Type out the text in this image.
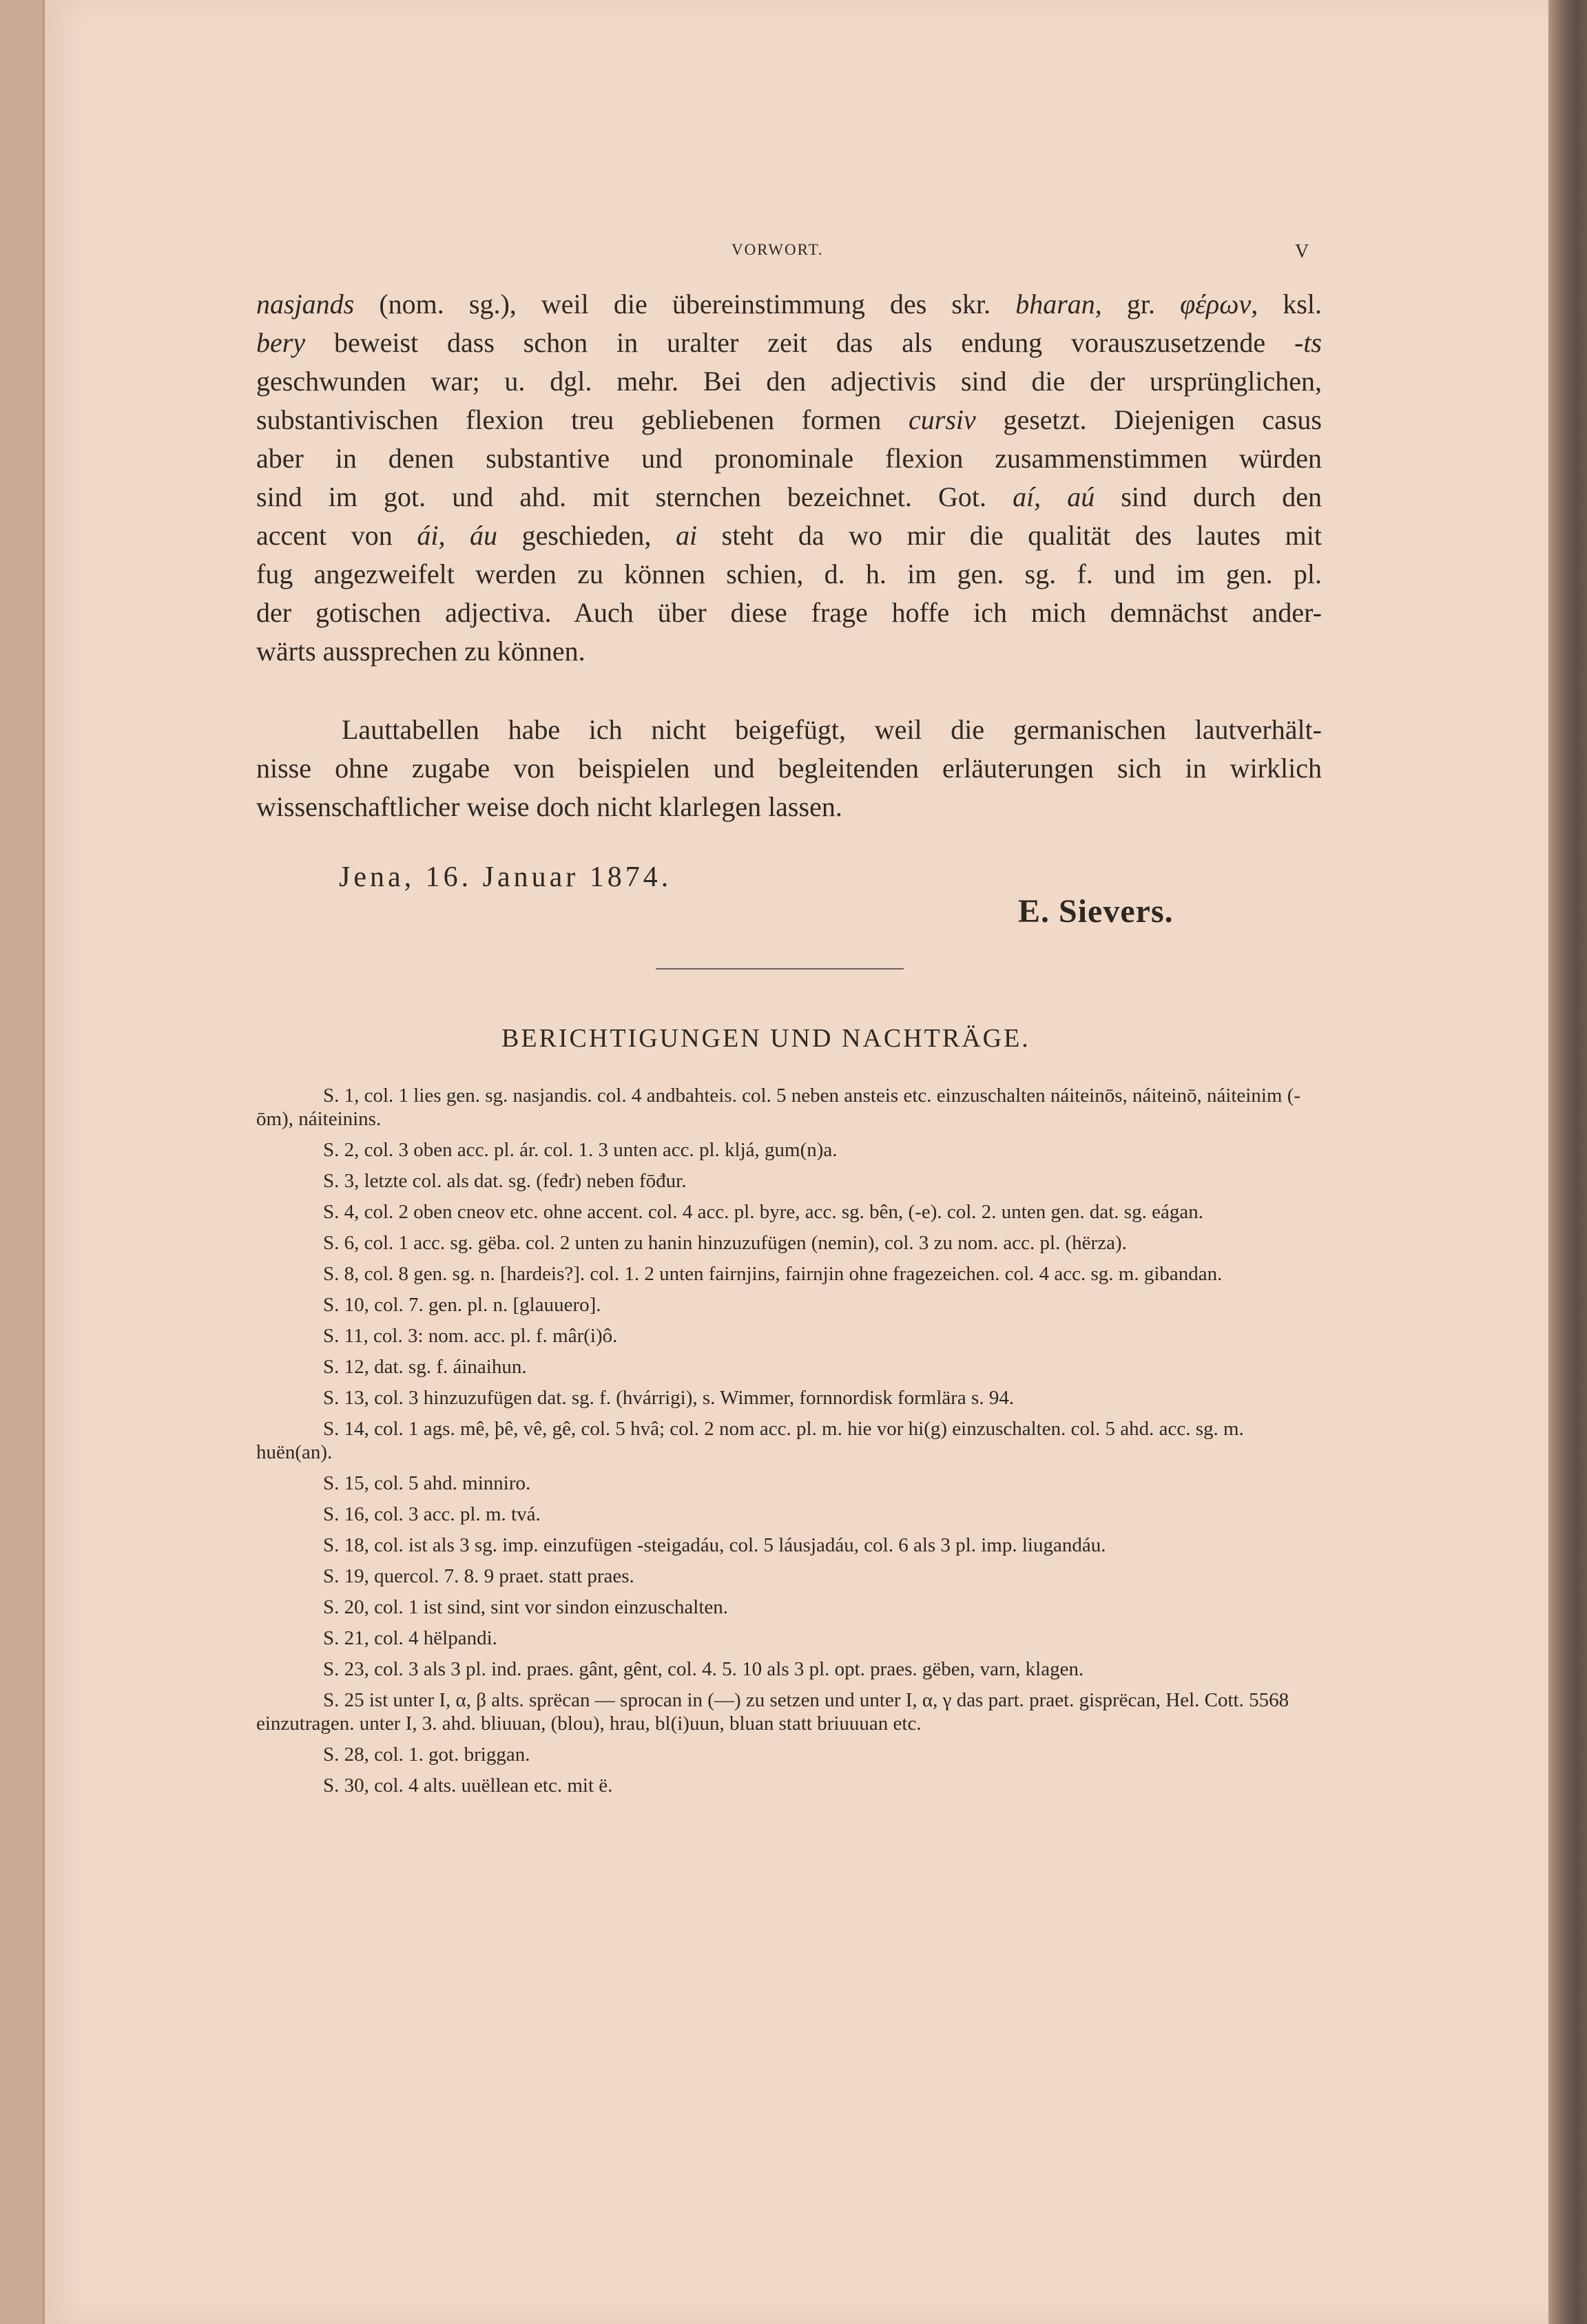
VORWORT.	V
nasjands (nom. sg.), weil die übereinstimmung des skr. bharan, gr. φέρων, ksl.
bery beweist dass schon in uralter zeit das als endung vorauszusetzende -ts
geschwunden war; u. dgl. mehr. Bei den adjectivis sind die der ursprünglichen,
substantivischen flexion treu gebliebenen formen cursiv gesetzt. Diejenigen casus
aber in denen substantive und pronominale flexion zusammenstimmen würden
sind im got. und ahd. mit sternchen bezeichnet. Got. aí, aú sind durch den
accent von ái, áu geschieden, ai steht da wo mir die qualität des lautes mit
fug angezweifelt werden zu können schien, d. h. im gen. sg. f. und im gen. pl.
der gotischen adjectiva. Auch über diese frage hoffe ich mich demnächst ander-
wärts aussprechen zu können.
Lauttabellen habe ich nicht beigefügt, weil die germanischen lautverhält-
nisse ohne zugabe von beispielen und begleitenden erläuterungen sich in wirklich
wissenschaftlicher weise doch nicht klarlegen lassen.
Jena, 16. Januar 1874.
E. Sievers.
BERICHTIGUNGEN UND NACHTRÄGE.
S. 1, col. 1 lies gen. sg. nasjandis. col. 4 andbahteis. col. 5 neben ansteis etc. einzuschalten náiteinōs, náiteinō, náiteinim (-ōm), náiteinins.
S. 2, col. 3 oben acc. pl. ár. col. 1. 3 unten acc. pl. kljá, gum(n)a.
S. 3, letzte col. als dat. sg. (feđr) neben fōđur.
S. 4, col. 2 oben cneov etc. ohne accent. col. 4 acc. pl. byre, acc. sg. bên, (-e). col. 2. unten gen. dat. sg. eágan.
S. 6, col. 1 acc. sg. gëba. col. 2 unten zu hanin hinzuzufügen (nemin), col. 3 zu nom. acc. pl. (hërza).
S. 8, col. 8 gen. sg. n. [hardeis?]. col. 1. 2 unten fairnjins, fairnjin ohne fragezeichen. col. 4 acc. sg. m. gibandan.
S. 10, col. 7. gen. pl. n. [glauuero].
S. 11, col. 3: nom. acc. pl. f. mâr(i)ô.
S. 12, dat. sg. f. áinaihun.
S. 13, col. 3 hinzuzufügen dat. sg. f. (hvárrigi), s. Wimmer, fornnordisk formlära s. 94.
S. 14, col. 1 ags. mê, þê, vê, gê, col. 5 hvâ; col. 2 nom acc. pl. m. hie vor hi(g) einzuschalten. col. 5 ahd. acc. sg. m. huën(an).
S. 15, col. 5 ahd. minniro.
S. 16, col. 3 acc. pl. m. tvá.
S. 18, col. ist als 3 sg. imp. einzufügen -steigadáu, col. 5 láusjadáu, col. 6 als 3 pl. imp. liugandáu.
S. 19, quercol. 7. 8. 9 praet. statt praes.
S. 20, col. 1 ist sind, sint vor sindon einzuschalten.
S. 21, col. 4 hëlpandi.
S. 23, col. 3 als 3 pl. ind. praes. gânt, gênt, col. 4. 5. 10 als 3 pl. opt. praes. gëben, varn, klagen.
S. 25 ist unter I, α, β alts. sprëcan — sprocan in (—) zu setzen und unter I, α, γ das part. praet. gisprëcan, Hel. Cott. 5568 einzutragen. unter I, 3. ahd. bliuuan, (blou), hrau, bl(i)uun, bluan statt briuuuan etc.
S. 28, col. 1. got. briggan.
S. 30, col. 4 alts. uuëllean etc. mit ë.
